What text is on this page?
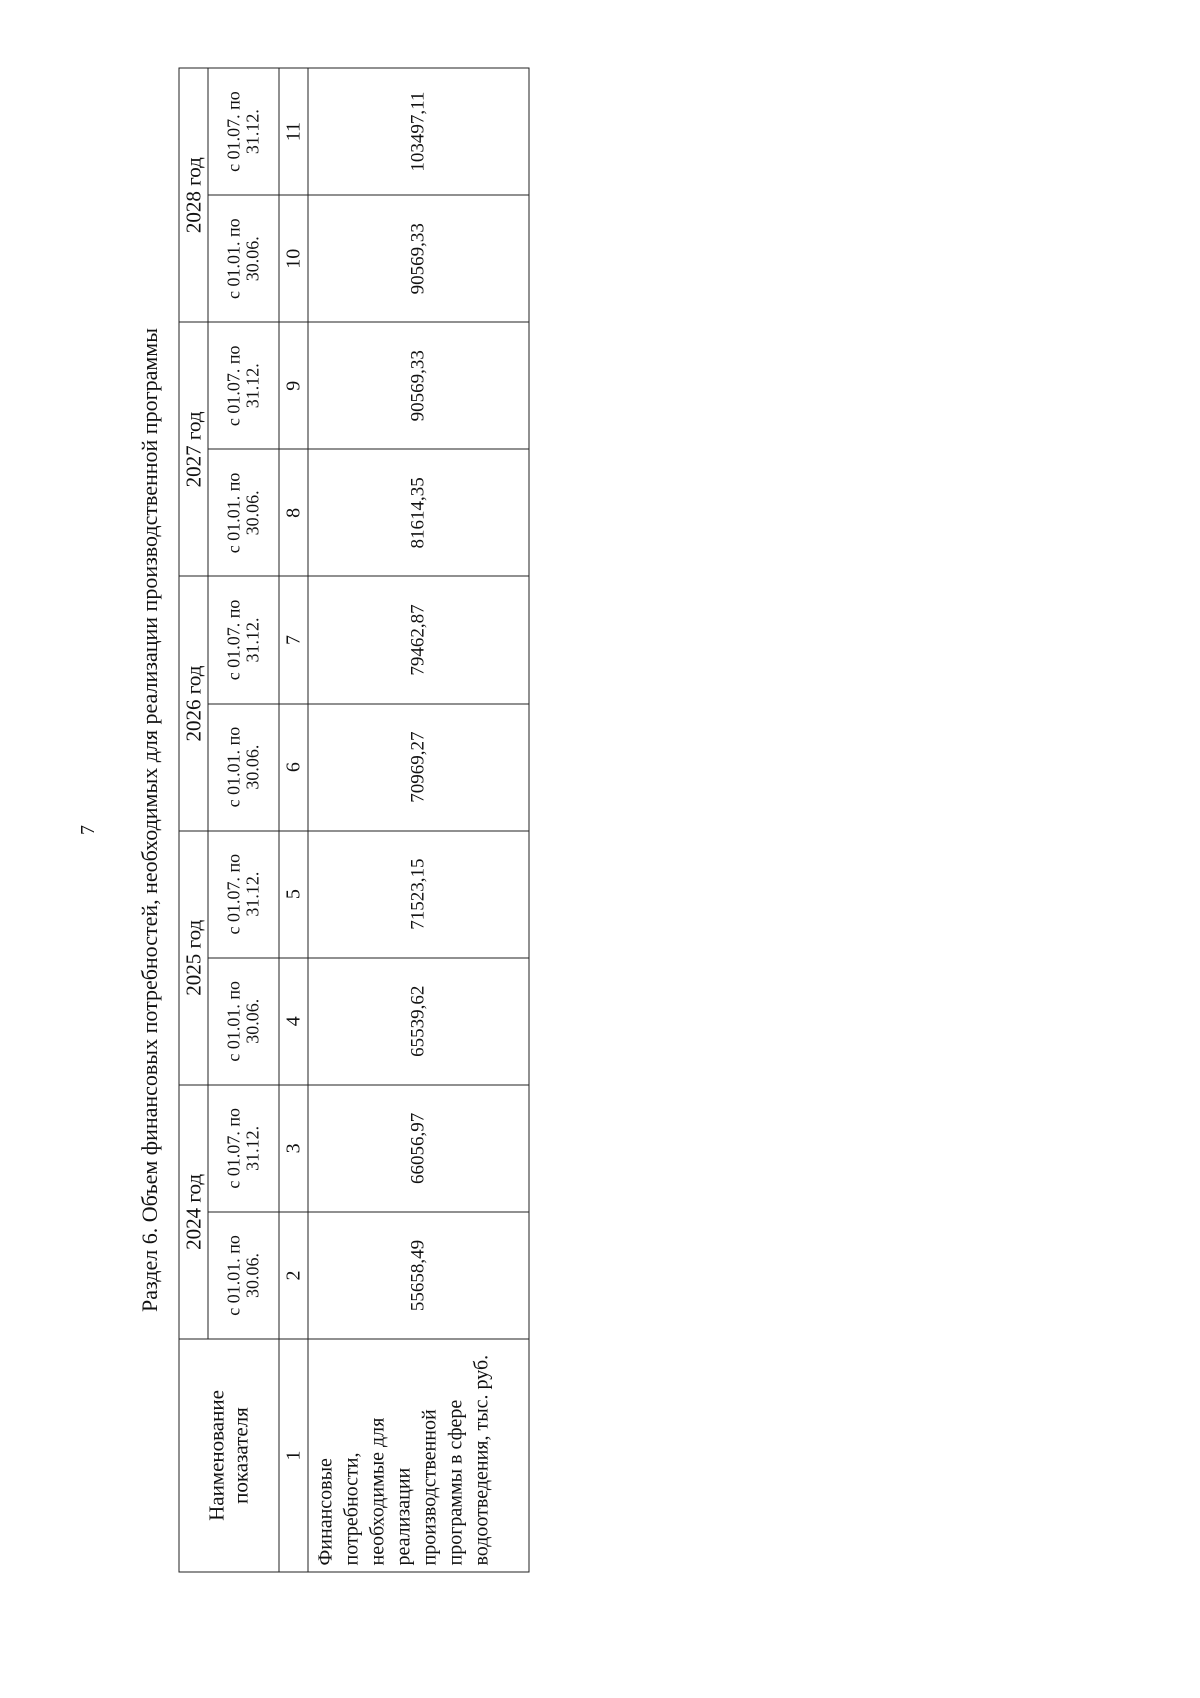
7 Раздел 6. Объем финансовых потребностей, необходимых для реализации производственной программы
Наименование показателя	2024 год		2025 год		2026 год		2027 год		2028 год	
	с 01.01. по 30.06.	с 01.07. по 31.12.	с 01.01. по 30.06.	с 01.07. по 31.12.	с 01.01. по 30.06.	с 01.07. по 31.12.	с 01.01. по 30.06.	с 01.07. по 31.12.	с 01.01. по 30.06.	с 01.07. по 31.12.
1	2	3	4	5	6	7	8	9	10	11
Финансовые потребности, необходимые для реализации производственной программы в сфере водоотведения, тыс. руб.	55658,49	66056,97	65539,62	71523,15	70969,27	79462,87	81614,35	90569,33	90569,33	103497,11
